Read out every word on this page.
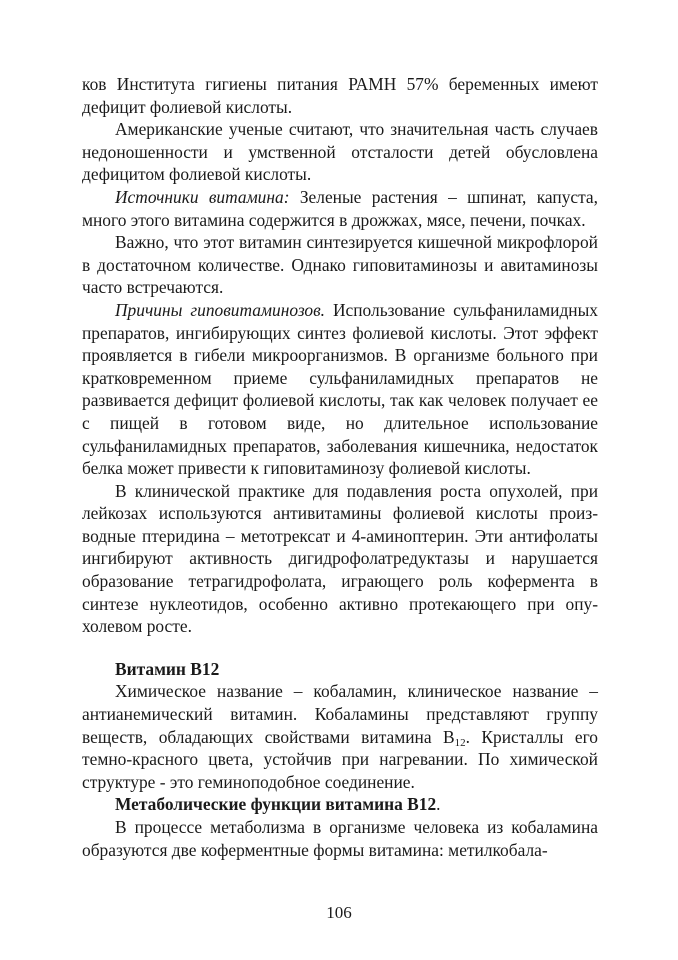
ков Института гигиены питания РАМН 57% беременных имеют дефицит фолиевой кислоты.

Американские ученые считают, что значительная часть случаев недоношенности и умственной отсталости детей обусловлена дефицитом фолиевой кислоты.

Источники витамина: Зеленые растения – шпинат, капуста, много этого витамина содержится в дрожжах, мясе, печени, почках.

Важно, что этот витамин синтезируется кишечной микрофлорой в достаточном количестве. Однако гиповитаминозы и авитаминозы часто встречаются.

Причины гиповитаминозов. Использование сульфаниламидных препаратов, ингибирующих синтез фолиевой кислоты. Этот эффект проявляется в гибели микроорганизмов. В организме больного при кратковременном приеме сульфаниламидных препаратов не развивается дефицит фолиевой кислоты, так как человек получает ее с пищей в готовом виде, но длительное использование сульфаниламидных препаратов, заболевания кишечника, недостаток белка может привести к гиповитаминозу фолиевой кислоты.

В клинической практике для подавления роста опухолей, при лейкозах используются антивитамины фолиевой кислоты производные птеридина – метотрексат и 4-аминоптерин. Эти антифолаты ингибируют активность дигидрофолатредуктазы и нарушается образование тетрагидрофолата, играющего роль кофермента в синтезе нуклеотидов, особенно активно протекающего при опухолевом росте.

Витамин В12

Химическое название – кобаламин, клиническое название – антианемический витамин. Кобаламины представляют группу веществ, обладающих свойствами витамина $В_{12}$. Кристаллы его темно-красного цвета, устойчив при нагревании. По химической структуре - это геминоподобное соединение.

Метаболические функции витамина В12.

В процессе метаболизма в организме человека из кобаламина образуются две коферментные формы витамина: метилкобала-

106
